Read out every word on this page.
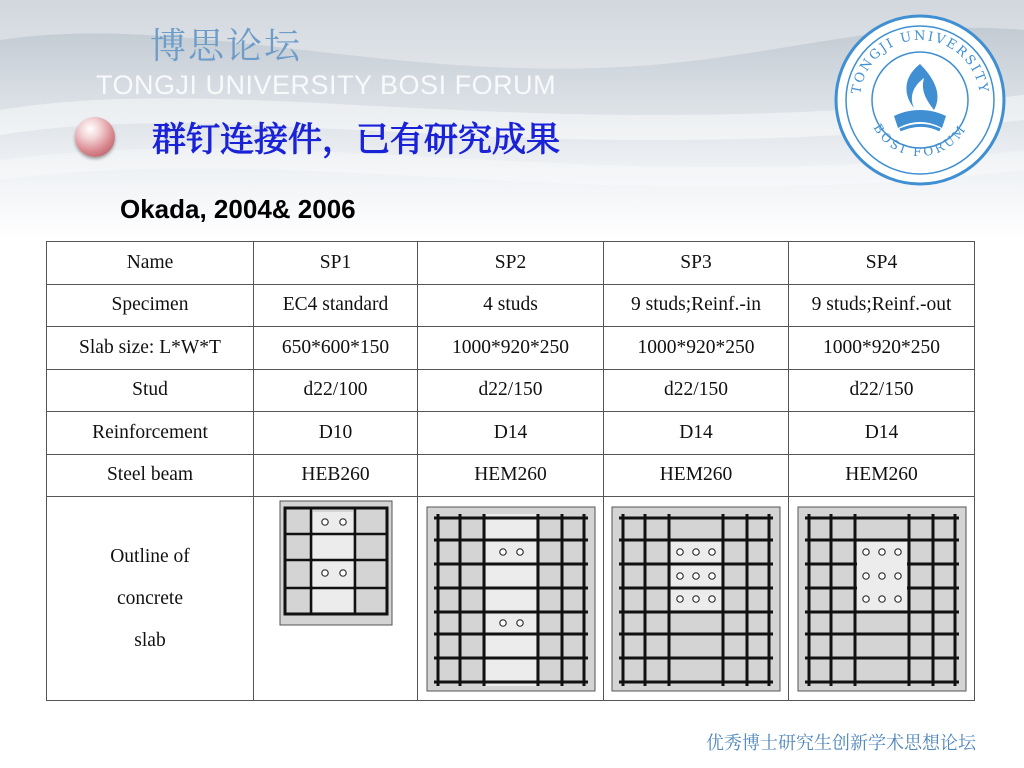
博思论坛
TONGJI UNIVERSITY BOSI FORUM	TONGJI UNIVERSITY
BOSI FORUM
群钉连接件，已有研究成果
Okada, 2004& 2006
Name	SP1	SP2	SP3	SP4
Specimen	EC4 standard	4 studs	9 studs;Reinf.-in	9 studs;Reinf.-out
Slab size: L*W*T	650*600*150	1000*920*250	1000*920*250	1000*920*250
Stud	d22/100	d22/150	d22/150	d22/150
Reinforcement	D10	D14	D14	D14
Steel beam	HEB260	HEM260	HEM260	HEM260

Outline of
concrete
slab

优秀博士研究生创新学术思想论坛
